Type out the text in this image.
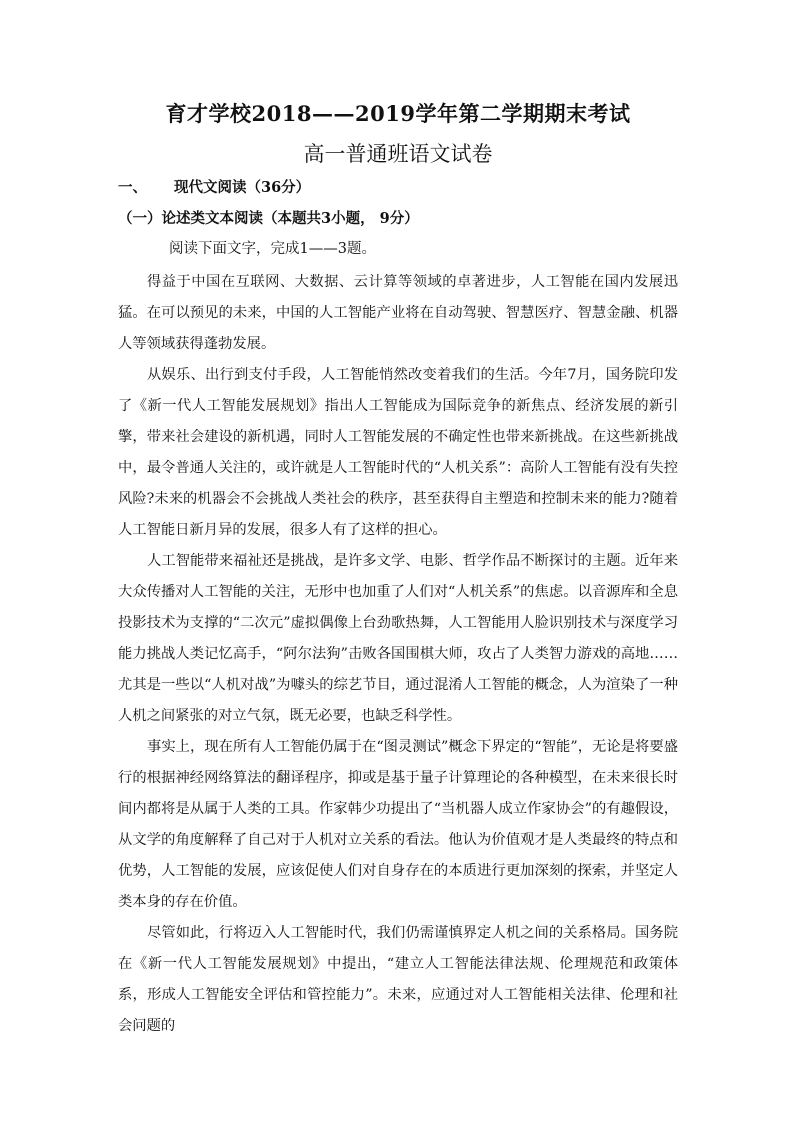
育才学校2018——2019学年第二学期期末考试
高一普通班语文试卷
一、 现代文阅读（36分）
（一）论述类文本阅读（本题共3小题， 9分）
阅读下面文字，完成1——3题。

得益于中国在互联网、大数据、云计算等领域的卓著进步，人工智能在国内发展迅猛。在可以预见的未来，中国的人工智能产业将在自动驾驶、智慧医疗、智慧金融、机器人等领域获得蓬勃发展。

从娱乐、出行到支付手段，人工智能悄然改变着我们的生活。今年7月，国务院印发了《新一代人工智能发展规划》指出人工智能成为国际竞争的新焦点、经济发展的新引擎，带来社会建设的新机遇，同时人工智能发展的不确定性也带来新挑战。在这些新挑战中，最令普通人关注的，或许就是人工智能时代的“人机关系”：高阶人工智能有没有失控风险?未来的机器会不会挑战人类社会的秩序，甚至获得自主塑造和控制未来的能力?随着人工智能日新月异的发展，很多人有了这样的担心。

人工智能带来福祉还是挑战，是许多文学、电影、哲学作品不断探讨的主题。近年来大众传播对人工智能的关注，无形中也加重了人们对“人机关系”的焦虑。以音源库和全息投影技术为支撑的“二次元”虚拟偶像上台劲歌热舞，人工智能用人脸识别技术与深度学习能力挑战人类记忆高手，“阿尔法狗”击败各国围棋大师，攻占了人类智力游戏的高地……尤其是一些以“人机对战”为噱头的综艺节目，通过混淆人工智能的概念，人为渲染了一种人机之间紧张的对立气氛，既无必要，也缺乏科学性。

事实上，现在所有人工智能仍属于在“图灵测试”概念下界定的“智能”，无论是将要盛行的根据神经网络算法的翻译程序，抑或是基于量子计算理论的各种模型，在未来很长时间内都将是从属于人类的工具。作家韩少功提出了“当机器人成立作家协会”的有趣假设，从文学的角度解释了自己对于人机对立关系的看法。他认为价值观才是人类最终的特点和优势，人工智能的发展，应该促使人们对自身存在的本质进行更加深刻的探索，并坚定人类本身的存在价值。

尽管如此，行将迈入人工智能时代，我们仍需谨慎界定人机之间的关系格局。国务院在《新一代人工智能发展规划》中提出，“建立人工智能法律法规、伦理规范和政策体系，形成人工智能安全评估和管控能力”。未来，应通过对人工智能相关法律、伦理和社会问题的
